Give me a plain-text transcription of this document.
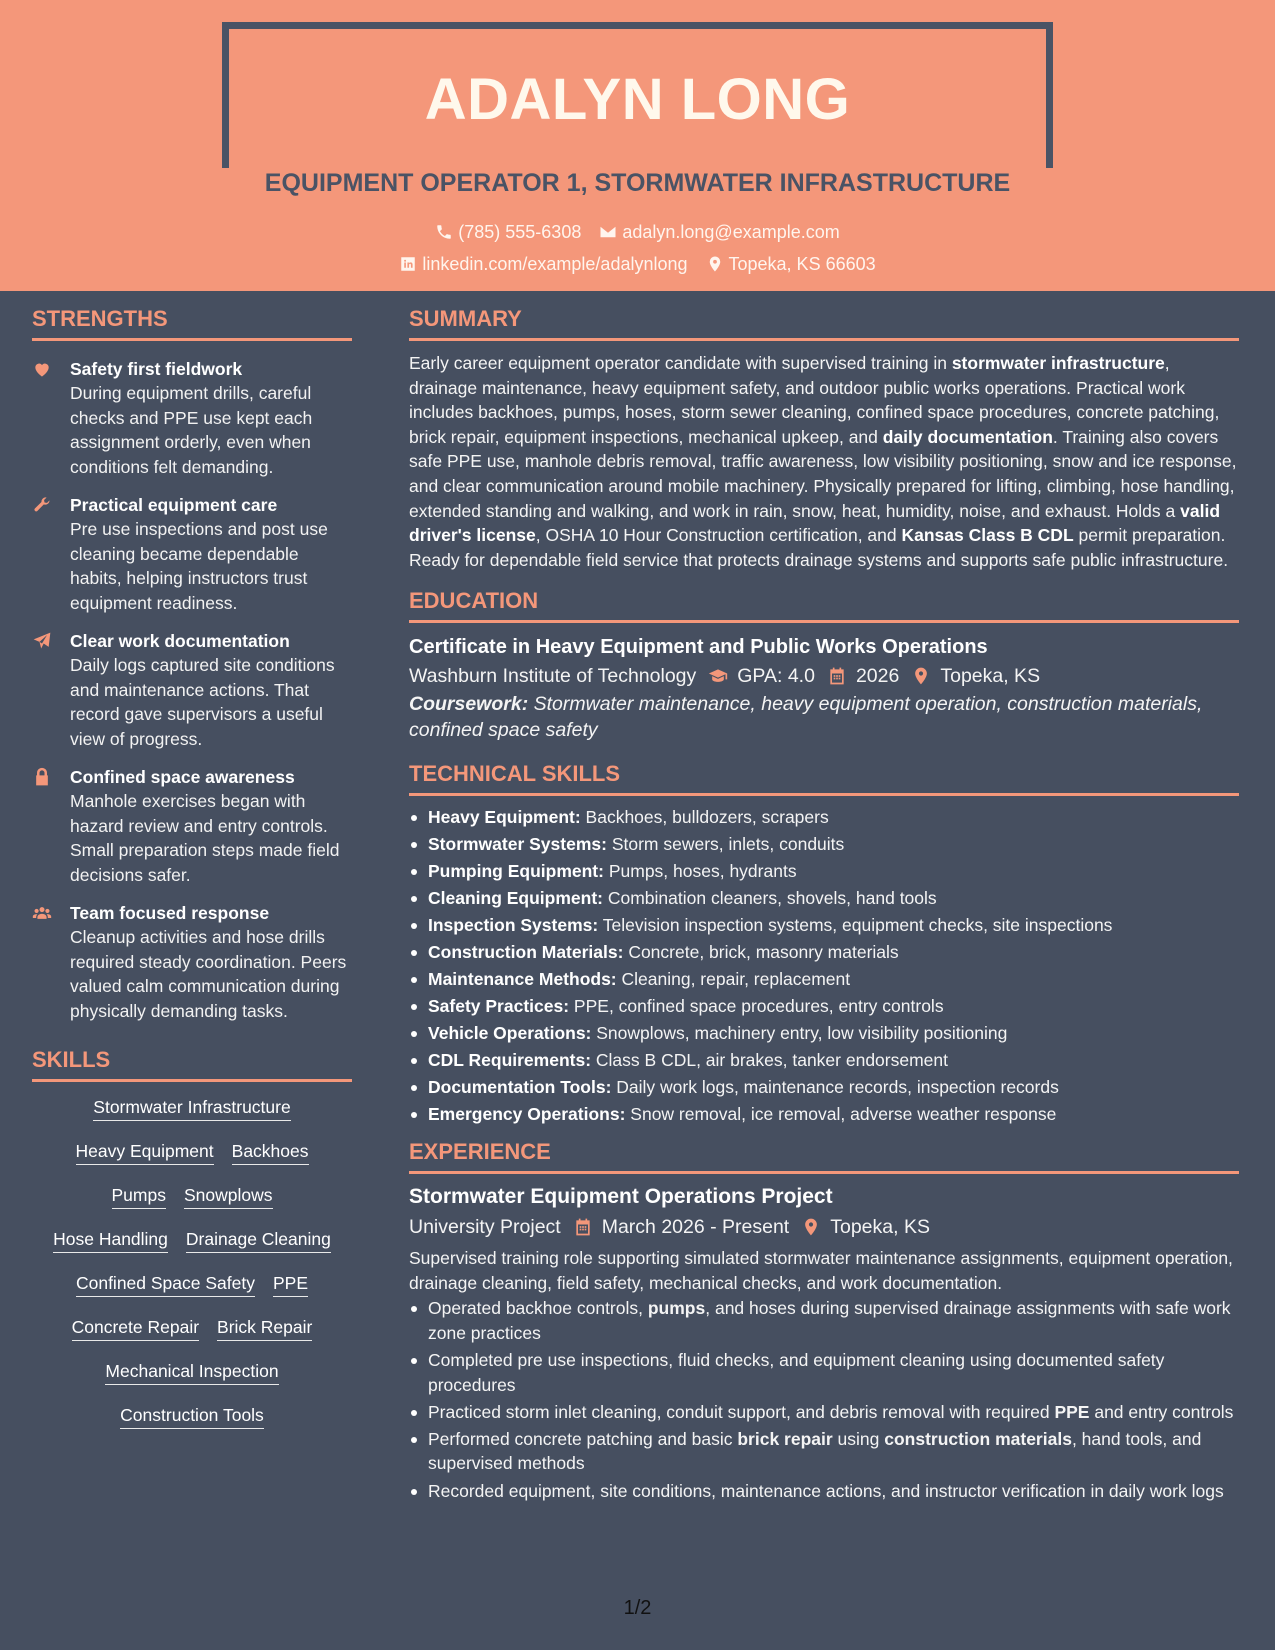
ADALYN LONG
EQUIPMENT OPERATOR 1, STORMWATER INFRASTRUCTURE
(785) 555-6308 adalyn.long@example.com
linkedin.com/example/adalynlong Topeka, KS 66603
STRENGTHS
Safety first fieldwork
During equipment drills, careful checks and PPE use kept each assignment orderly, even when conditions felt demanding.
Practical equipment care
Pre use inspections and post use cleaning became dependable habits, helping instructors trust equipment readiness.
Clear work documentation
Daily logs captured site conditions and maintenance actions. That record gave supervisors a useful view of progress.
Confined space awareness
Manhole exercises began with hazard review and entry controls. Small preparation steps made field decisions safer.
Team focused response
Cleanup activities and hose drills required steady coordination. Peers valued calm communication during physically demanding tasks.
SKILLS
Stormwater Infrastructure
Heavy Equipment Backhoes
Pumps Snowplows
Hose Handling Drainage Cleaning
Confined Space Safety PPE
Concrete Repair Brick Repair
Mechanical Inspection
Construction Tools
SUMMARY
Early career equipment operator candidate with supervised training in stormwater infrastructure, drainage maintenance, heavy equipment safety, and outdoor public works operations. Practical work includes backhoes, pumps, hoses, storm sewer cleaning, confined space procedures, concrete patching, brick repair, equipment inspections, mechanical upkeep, and daily documentation. Training also covers safe PPE use, manhole debris removal, traffic awareness, low visibility positioning, snow and ice response, and clear communication around mobile machinery. Physically prepared for lifting, climbing, hose handling, extended standing and walking, and work in rain, snow, heat, humidity, noise, and exhaust. Holds a valid driver's license, OSHA 10 Hour Construction certification, and Kansas Class B CDL permit preparation. Ready for dependable field service that protects drainage systems and supports safe public infrastructure.
EDUCATION
Certificate in Heavy Equipment and Public Works Operations
Washburn Institute of Technology GPA: 4.0 2026 Topeka, KS
Coursework: Stormwater maintenance, heavy equipment operation, construction materials, confined space safety
TECHNICAL SKILLS
Heavy Equipment: Backhoes, bulldozers, scrapers
Stormwater Systems: Storm sewers, inlets, conduits
Pumping Equipment: Pumps, hoses, hydrants
Cleaning Equipment: Combination cleaners, shovels, hand tools
Inspection Systems: Television inspection systems, equipment checks, site inspections
Construction Materials: Concrete, brick, masonry materials
Maintenance Methods: Cleaning, repair, replacement
Safety Practices: PPE, confined space procedures, entry controls
Vehicle Operations: Snowplows, machinery entry, low visibility positioning
CDL Requirements: Class B CDL, air brakes, tanker endorsement
Documentation Tools: Daily work logs, maintenance records, inspection records
Emergency Operations: Snow removal, ice removal, adverse weather response
EXPERIENCE
Stormwater Equipment Operations Project
University Project March 2026 - Present Topeka, KS
Supervised training role supporting simulated stormwater maintenance assignments, equipment operation, drainage cleaning, field safety, mechanical checks, and work documentation.
Operated backhoe controls, pumps, and hoses during supervised drainage assignments with safe work zone practices
Completed pre use inspections, fluid checks, and equipment cleaning using documented safety procedures
Practiced storm inlet cleaning, conduit support, and debris removal with required PPE and entry controls
Performed concrete patching and basic brick repair using construction materials, hand tools, and supervised methods
Recorded equipment, site conditions, maintenance actions, and instructor verification in daily work logs
1/2
